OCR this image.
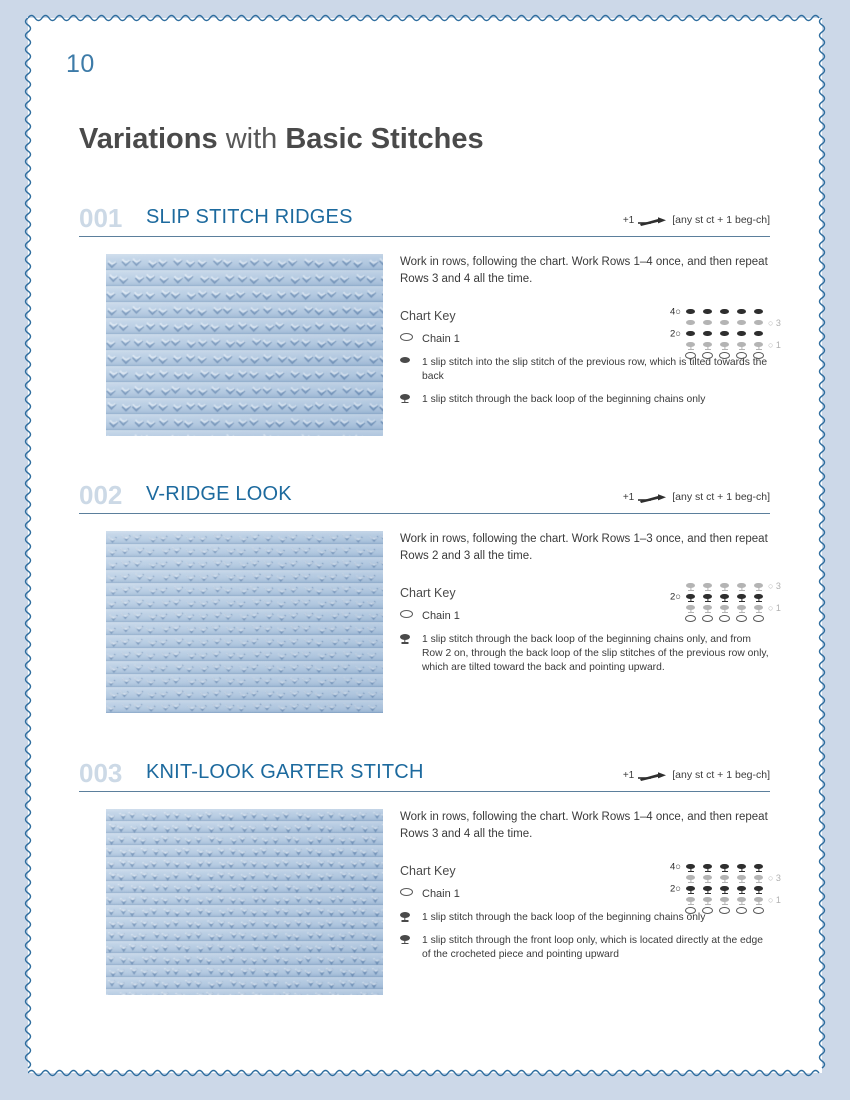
10
Variations with Basic Stitches
001 SLIP STITCH RIDGES	+1	[any st ct + 1 beg-ch]
Work in rows, following the chart. Work Rows 1–4 once, and then repeat Rows 3 and 4 all the time.
Chart Key
Chain 1
1 slip stitch into the slip stitch of the previous row, which is tilted towards the back
1 slip stitch through the back loop of the beginning chains only
4○
○ 3
2○
○ 1
002 V-RIDGE LOOK	+1	[any st ct + 1 beg-ch]
Work in rows, following the chart. Work Rows 1–3 once, and then repeat Rows 2 and 3 all the time.
Chart Key
Chain 1
1 slip stitch through the back loop of the beginning chains only, and from Row 2 on, through the back loop of the slip stitches of the previous row only, which are tilted toward the back and pointing upward.
○ 3
2○
○ 1
003 KNIT-LOOK GARTER STITCH	+1	[any st ct + 1 beg-ch]
Work in rows, following the chart. Work Rows 1–4 once, and then repeat Rows 3 and 4 all the time.
Chart Key
Chain 1
1 slip stitch through the back loop of the beginning chains only
1 slip stitch through the front loop only, which is located directly at the edge of the crocheted piece and pointing upward
4○
○ 3
2○
○ 1
